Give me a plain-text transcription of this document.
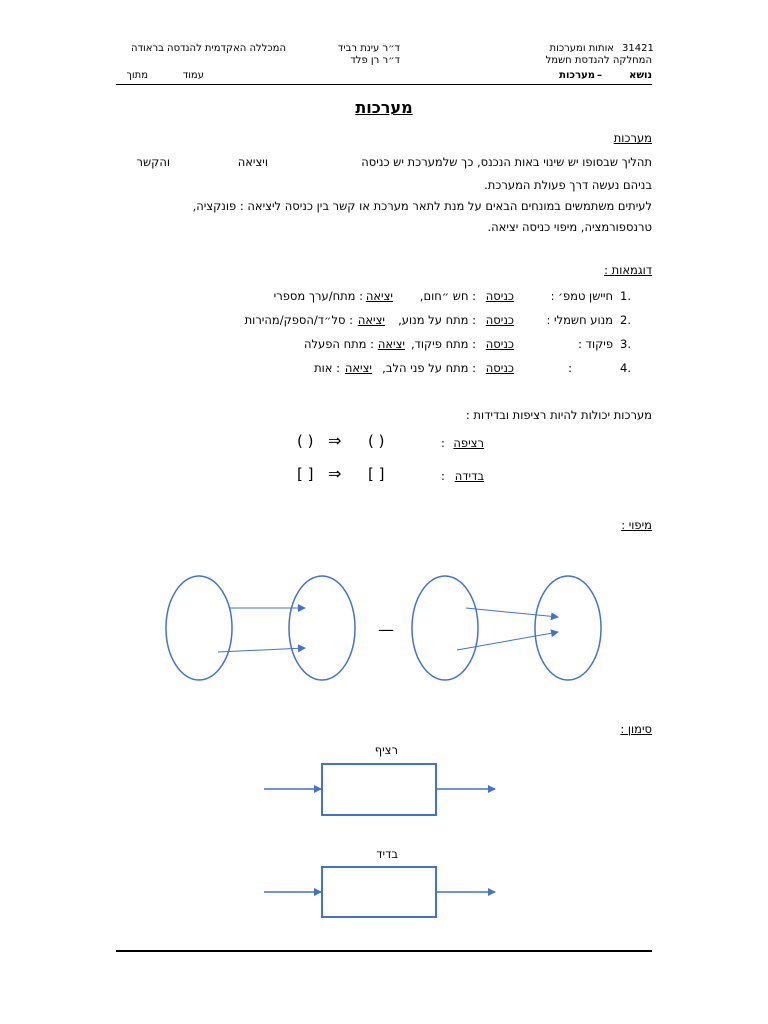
31421
אותות ומערכות
המחלקה להנדסת חשמל
ד״ר עינת רביד
ד״ר רן פלד
המכללה האקדמית להנדסה בראודה
נושא
–
מערכות
עמוד
מתוך
מערכות
מערכות
תהליך שבסופו יש שינוי באות הנכנס, כך שלמערכת יש כניסה
ויציאה
והקשר
בניהם נעשה דרך פעולת המערכת.
לעיתים משתמשים במונחים הבאים על מנת לתאר מערכת או קשר בין כניסה ליציאה : פונקציה,
טרנספורמציה, מיפוי כניסה יציאה.
דוגמאות :
1.
חיישן טמפ׳ :
כניסה
: חש ״חום,
יציאה
: מתח/ערך מספרי
2.
מנוע חשמלי :
כניסה
: מתח על מנוע,
יציאה
: סל״ד/הספק/מהירות
3.
פיקוד :
כניסה
: מתח פיקוד,
יציאה
: מתח הפעלה
4.
:
כניסה
: מתח על פני הלב,
יציאה
: אות
מערכות יכולות להיות רציפות ובדידות :
רציפה
:
( )
⇒
( )
בדידה
:
[ ]
⇒
[ ]
מיפוי :
—
סימון :
רציף
בדיד
